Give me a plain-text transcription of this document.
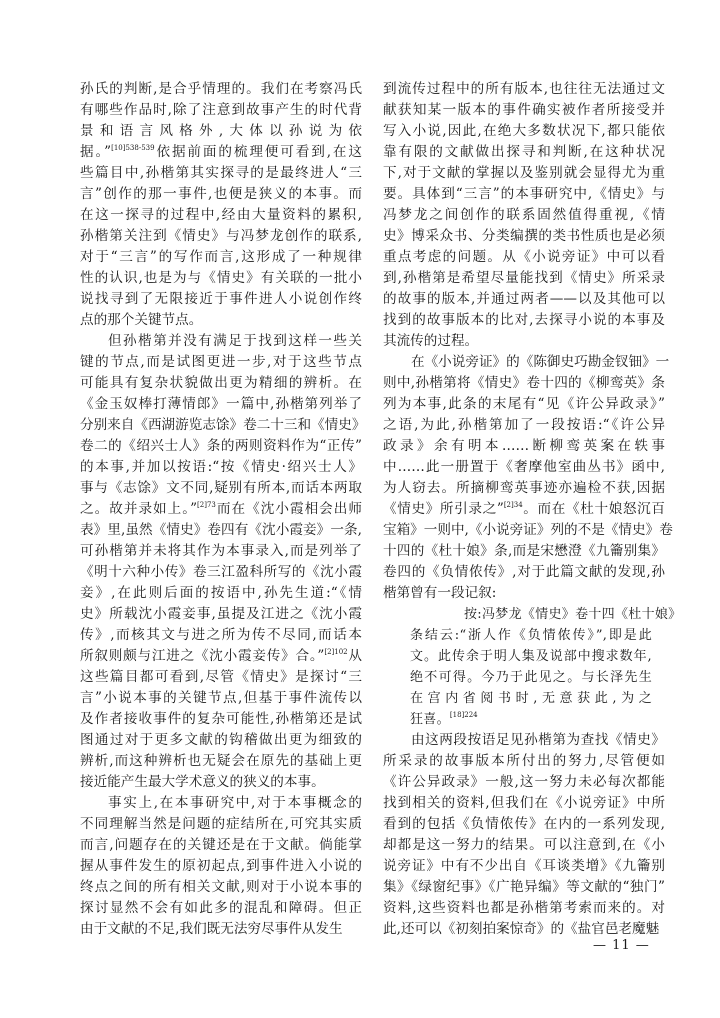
孙氏的判断,是合乎情理的。我们在考察冯氏
有哪些作品时,除了注意到故事产生的时代背
景和语言风格外,大体以孙说为依
据。”$^{[10]538-539}$依据前面的梳理便可看到,在这
些篇目中,孙楷第其实探寻的是最终进人“三
言”创作的那一事件,也便是狭义的本事。而
在这一探寻的过程中,经由大量资料的累积,
孙楷第关注到《情史》与冯梦龙创作的联系,
对于“三言”的写作而言,这形成了一种规律
性的认识,也是为与《情史》有关联的一批小
说找寻到了无限接近于事件进人小说创作终
点的那个关键节点。
但孙楷第并没有满足于找到这样一些关
键的节点,而是试图更进一步,对于这些节点
可能具有复杂状貌做出更为精细的辨析。在
《金玉奴棒打薄情郎》一篇中,孙楷第列举了
分别来自《西湖游览志馀》卷二十三和《情史》
卷二的《绍兴士人》条的两则资料作为“正传”
的本事,并加以按语:“按《情史·绍兴士人》
事与《志馀》文不同,疑别有所本,而话本两取
之。故并录如上。”$^{[2]73}$而在《沈小霞相会出师
表》里,虽然《情史》卷四有《沈小霞妾》一条,
可孙楷第并未将其作为本事录入,而是列举了
《明十六种小传》卷三江盈科所写的《沈小霞
妾》,在此则后面的按语中,孙先生道:“《情
史》所载沈小霞妾事,虽提及江进之《沈小霞
传》,而核其文与进之所为传不尽同,而话本
所叙则颇与江进之《沈小霞妾传》合。”$^{[2]102}$从
这些篇目都可看到,尽管《情史》是探讨“三
言”小说本事的关键节点,但基于事件流传以
及作者接收事件的复杂可能性,孙楷第还是试
图通过对于更多文献的钩稽做出更为细致的
辨析,而这种辨析也无疑会在原先的基础上更
接近能产生最大学术意义的狭义的本事。
事实上,在本事研究中,对于本事概念的
不同理解当然是问题的症结所在,可究其实质
而言,问题存在的关键还是在于文献。倘能掌
握从事件发生的原初起点,到事件进入小说的
终点之间的所有相关文献,则对于小说本事的
探讨显然不会有如此多的混乱和障碍。但正
由于文献的不足,我们既无法穷尽事件从发生
到流传过程中的所有版本,也往往无法通过文
献获知某一版本的事件确实被作者所接受并
写入小说,因此,在绝大多数状况下,都只能依
靠有限的文献做出探寻和判断,在这种状况
下,对于文献的掌握以及鉴别就会显得尤为重
要。具体到“三言”的本事研究中,《情史》与
冯梦龙之间创作的联系固然值得重视,《情
史》博采众书、分类编撰的类书性质也是必须
重点考虑的问题。从《小说旁证》中可以看
到,孙楷第是希望尽量能找到《情史》所采录
的故事的版本,并通过两者——以及其他可以
找到的故事版本的比对,去探寻小说的本事及
其流传的过程。
在《小说旁证》的《陈御史巧勘金钗钿》一
则中,孙楷第将《情史》卷十四的《柳鸾英》条
列为本事,此条的末尾有“见《许公异政录》”
之语,为此,孙楷第加了一段按语:“《许公异
政录》余有明本……断柳鸾英案在轶事
中……此一册置于《奢摩他室曲丛书》函中,
为人窃去。所摘柳鸾英事迹亦遍检不获,因据
《情史》所引录之”$^{[2]34}$。而在《杜十娘怒沉百
宝箱》一则中,《小说旁证》列的不是《情史》卷
十四的《杜十娘》条,而是宋懋澄《九籥别集》
卷四的《负情侬传》,对于此篇文献的发现,孙
楷第曾有一段记叙:
按:冯梦龙《情史》卷十四《杜十娘》
条结云:“浙人作《负情侬传》”,即是此
文。此传余于明人集及说部中搜求数年,
绝不可得。今乃于此见之。与长泽先生
在宫内省阅书时,无意获此,为之
狂喜。$^{[18]224}$
由这两段按语足见孙楷第为查找《情史》
所采录的故事版本所付出的努力,尽管便如
《许公异政录》一般,这一努力未必每次都能
找到相关的资料,但我们在《小说旁证》中所
看到的包括《负情侬传》在内的一系列发现,
却都是这一努力的结果。可以注意到,在《小
说旁证》中有不少出自《耳谈类增》《九籥别
集》《绿窗纪事》《广艳异编》等文献的“独门”
资料,这些资料也都是孙楷第考索而来的。对
此,还可以《初刻拍案惊奇》的《盐官邑老魔魅
— 11 —
